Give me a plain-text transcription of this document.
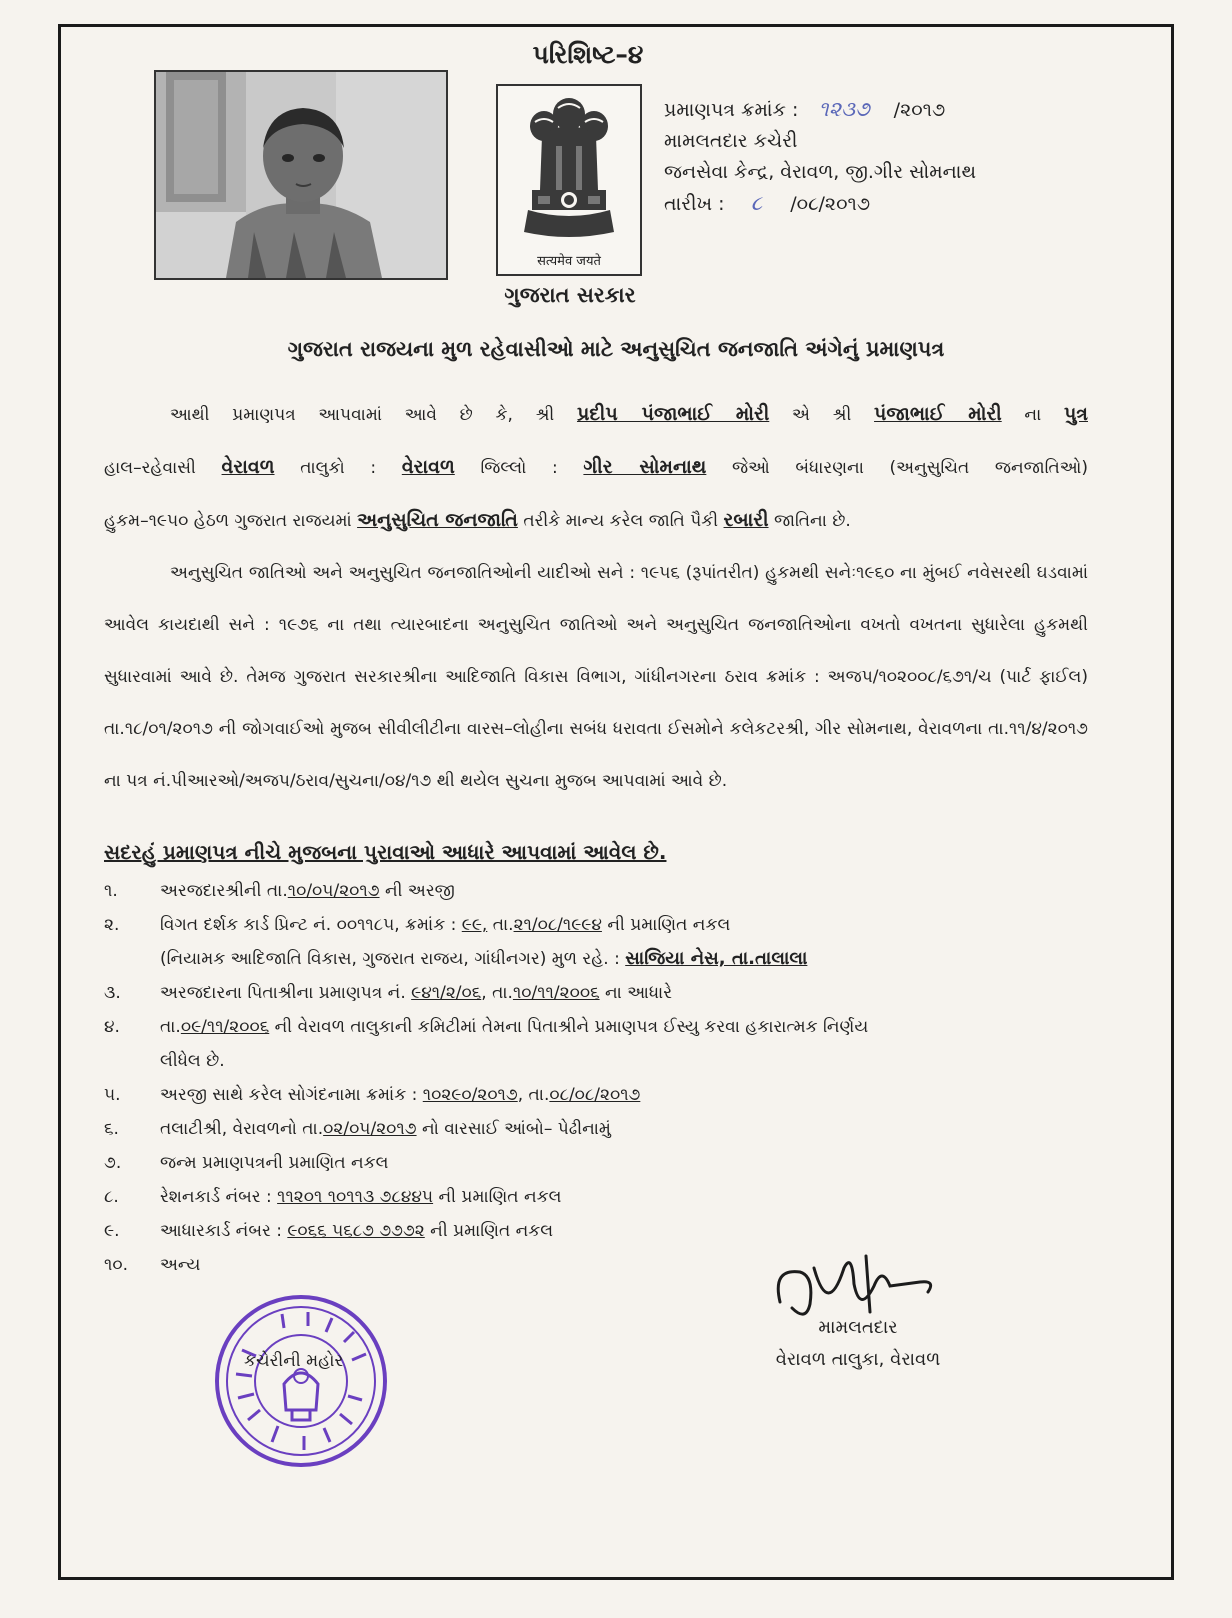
પરિશિષ્ટ–૪
सत्यमेव जयते
ગુજરાત સરકાર
પ્રમાણપત્ર ક્રમાંક : ૧૨૩૭ /૨૦૧૭
મામલતદાર કચેરી
જનસેવા કેન્દ્ર, વેરાવળ, જી.ગીર સોમનાથ
તારીખ : ૮ /૦૮/૨૦૧૭
ગુજરાત રાજયના મુળ રહેવાસીઓ માટે અનુસુચિત જનજાતિ અંગેનું પ્રમાણપત્ર

આથી પ્રમાણપત્ર આપવામાં આવે છે કે, શ્રી પ્રદીપ પંજાભાઈ મોરી એ શ્રી પંજાભાઈ મોરી ના પુત્ર

હાલ–રહેવાસી વેરાવળ તાલુકો : વેરાવળ જિલ્લો : ગીર સોમનાથ જેઓ બંધારણના (અનુસુચિત જનજાતિઓ)

હુકમ–૧૯૫૦ હેઠળ ગુજરાત રાજયમાં અનુસુચિત જનજાતિ તરીકે માન્ય કરેલ જાતિ પૈકી રબારી જાતિના છે.

અનુસુચિત જાતિઓ અને અનુસુચિત જનજાતિઓની યાદીઓ સને : ૧૯૫૬ (રૂપાંતરીત) હુકમથી સનેઃ૧૯૬૦ ના મુંબઈ નવેસરથી ઘડવામાં આવેલ કાયદાથી સને : ૧૯૭૬ ના તથા ત્યારબાદના અનુસુચિત જાતિઓ અને અનુસુચિત જનજાતિઓના વખતો વખતના સુધારેલા હુકમથી સુધારવામાં આવે છે. તેમજ ગુજરાત સરકારશ્રીના આદિજાતિ વિકાસ વિભાગ, ગાંધીનગરના ઠરાવ ક્રમાંક : અજપ/૧૦૨૦૦૮/૬૭૧/ચ (પાર્ટ ફાઈલ) તા.૧૮/૦૧/૨૦૧૭ ની જોગવાઈઓ મુજબ સીવીલીટીના વારસ–લોહીના સબંધ ધરાવતા ઈસમોને કલેકટરશ્રી, ગીર સોમનાથ, વેરાવળના તા.૧૧/૪/૨૦૧૭ ના પત્ર નં.પીઆરઓ/અજપ/ઠરાવ/સુચના/૦૪/૧૭ થી થયેલ સુચના મુજબ આપવામાં આવે છે.

સદરહું પ્રમાણપત્ર નીચે મુજબના પુરાવાઓ આધારે આપવામાં આવેલ છે.
૧.	અરજદારશ્રીની તા.૧૦/૦૫/૨૦૧૭ ની અરજી
૨.	વિગત દર્શક કાર્ડ પ્રિન્ટ નં. ૦૦૧૧૮૫, ક્રમાંક : ૯૯, તા.૨૧/૦૮/૧૯૯૪ ની પ્રમાણિત નકલ
(નિયામક આદિજાતિ વિકાસ, ગુજરાત રાજય, ગાંધીનગર) મુળ રહે. : સાજિયા નેસ, તા.તાલાલા
૩.	અરજદારના પિતાશ્રીના પ્રમાણપત્ર નં. ૯૪૧/૨/૦૬, તા.૧૦/૧૧/૨૦૦૬ ના આધારે
૪.	તા.૦૯/૧૧/૨૦૦૬ ની વેરાવળ તાલુકાની કમિટીમાં તેમના પિતાશ્રીને પ્રમાણપત્ર ઈસ્યુ કરવા હકારાત્મક નિર્ણય
લીધેલ છે.
૫.	અરજી સાથે કરેલ સોગંદનામા ક્રમાંક : ૧૦૨૯૦/૨૦૧૭, તા.૦૮/૦૮/૨૦૧૭
૬.	તલાટીશ્રી, વેરાવળનો તા.૦૨/૦૫/૨૦૧૭ નો વારસાઈ આંબો– પેઢીનામું
૭.	જન્મ પ્રમાણપત્રની પ્રમાણિત નકલ
૮.	રેશનકાર્ડ નંબર : ૧૧૨૦૧ ૧૦૧૧૩ ૭૮૪૪૫ ની પ્રમાણિત નકલ
૯.	આધારકાર્ડ નંબર : ૯૦૬૬ ૫૬૮૭ ૭૭૭૨ ની પ્રમાણિત નકલ
૧૦.	અન્ય
કચેરીની મહોર
મામલતદાર
વેરાવળ તાલુકા, વેરાવળ
